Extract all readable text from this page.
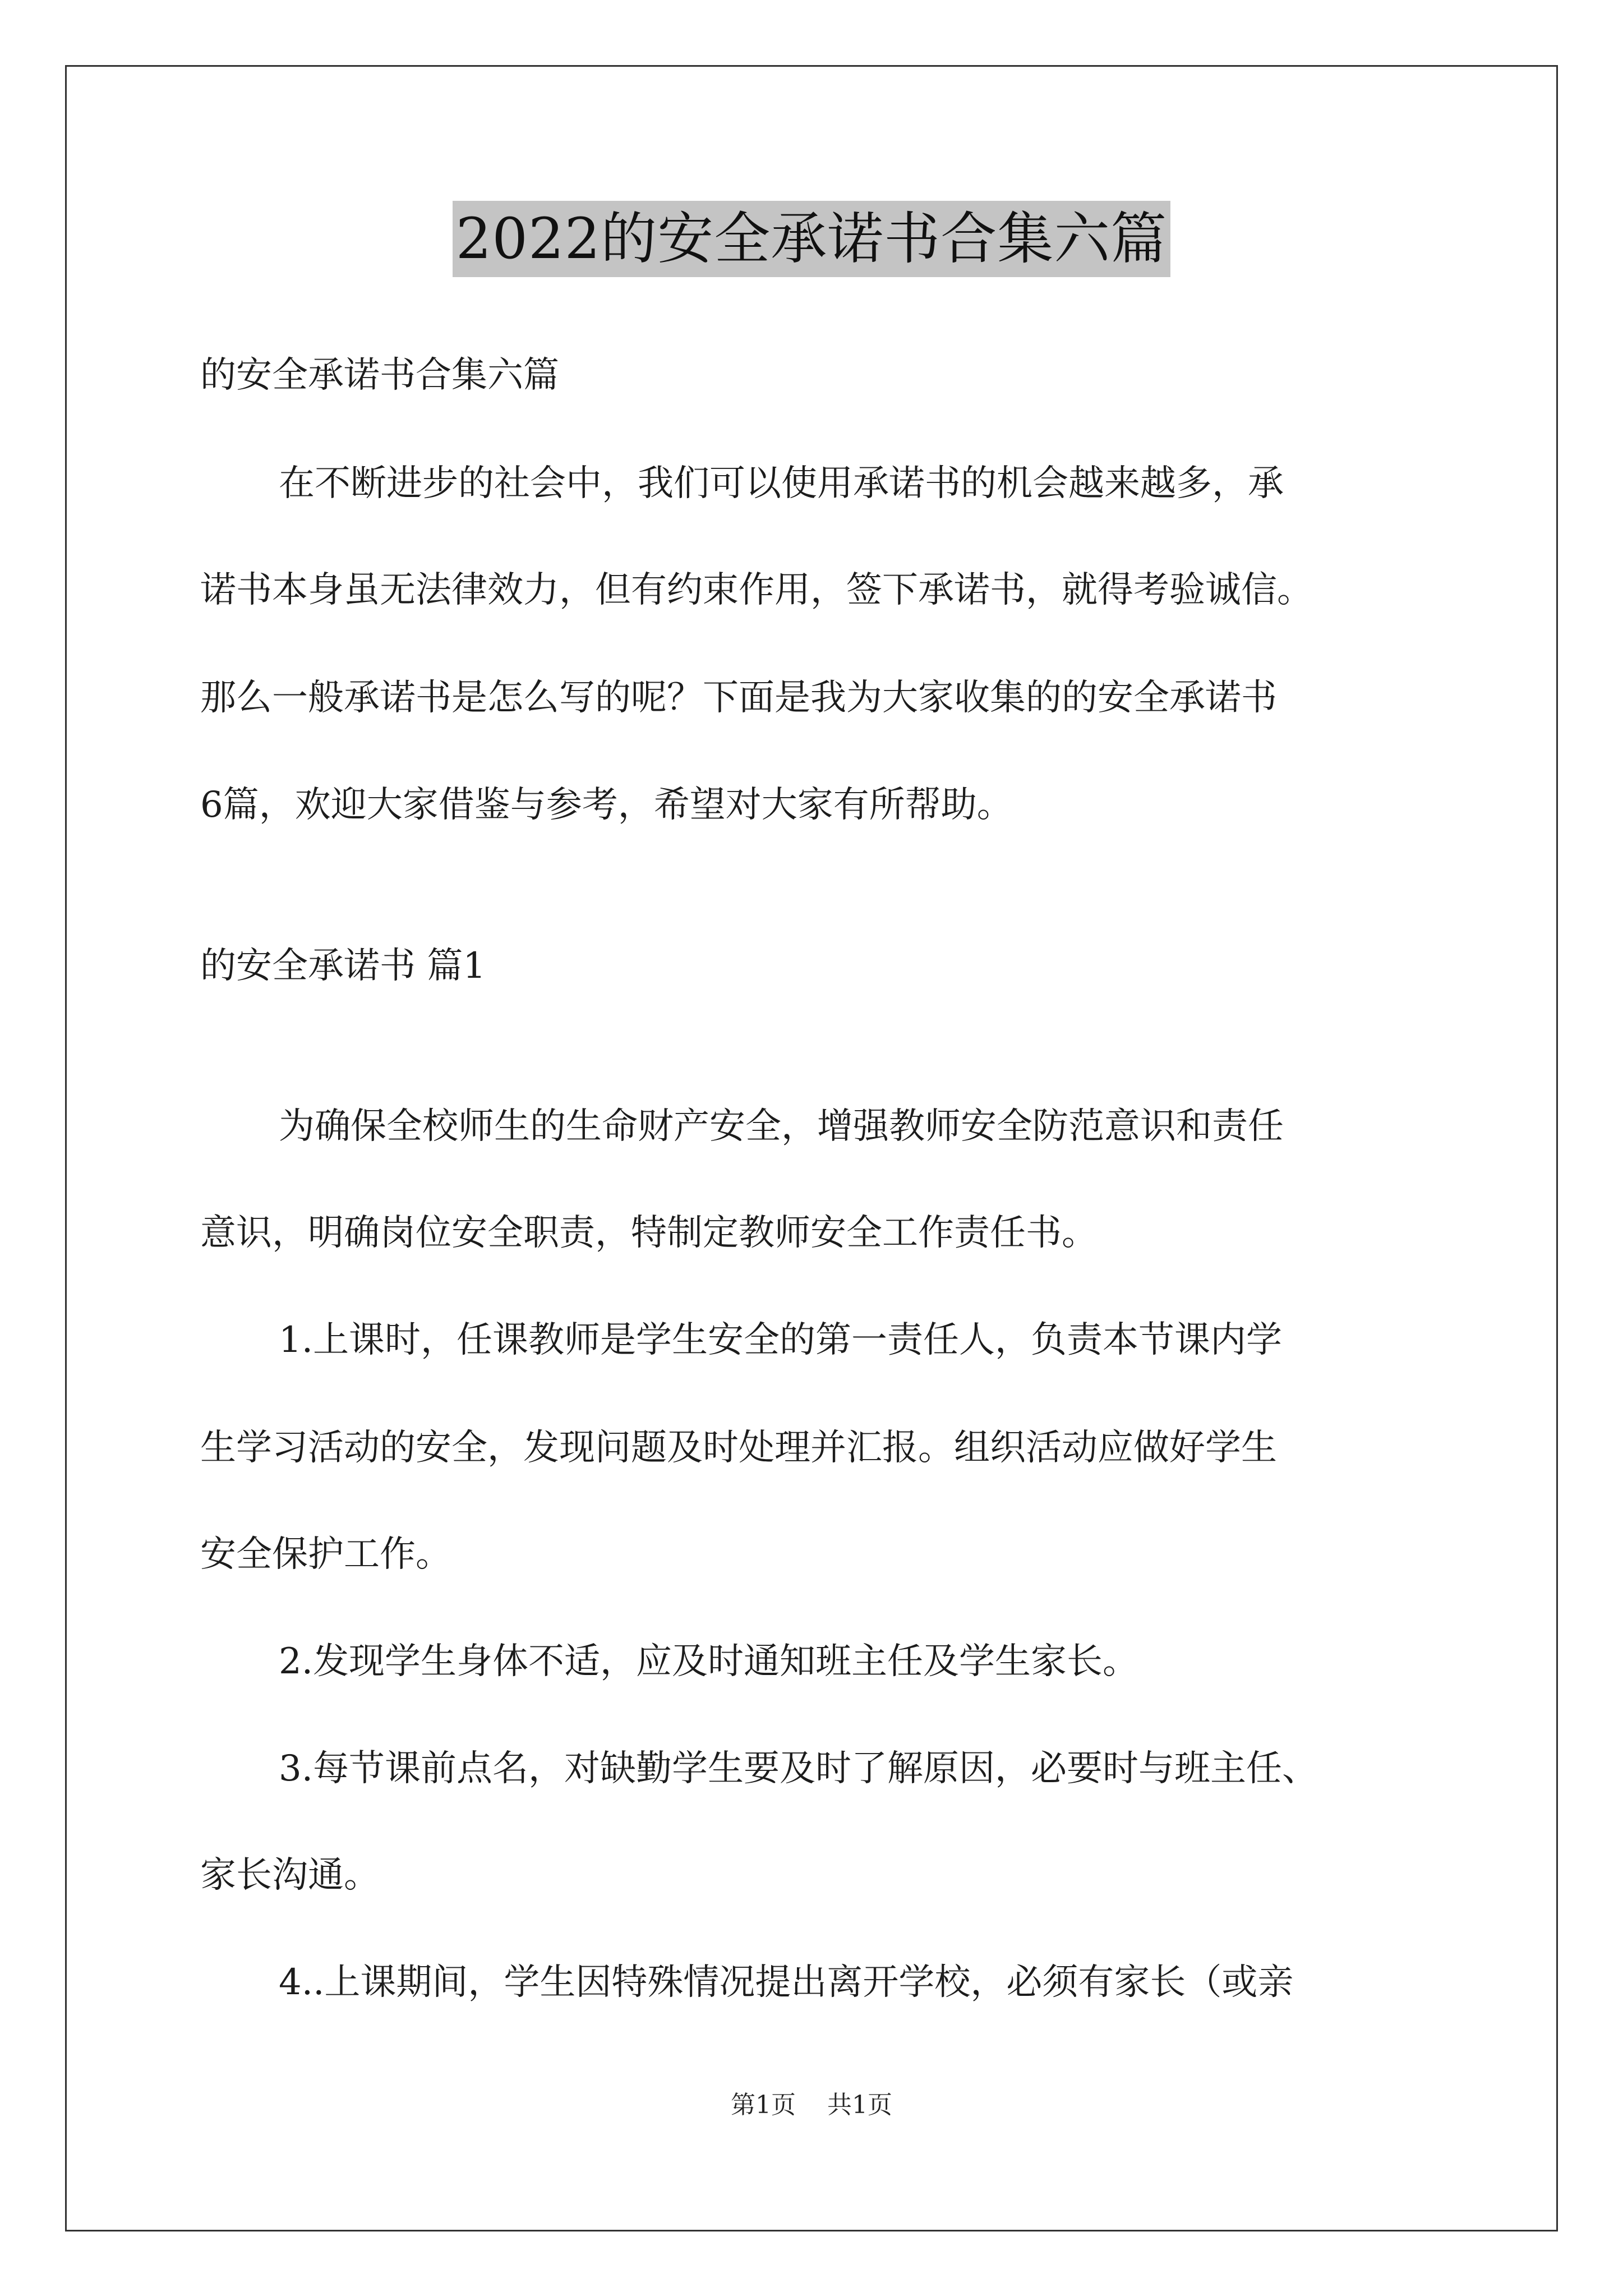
2022的安全承诺书合集六篇
的安全承诺书合集六篇
在不断进步的社会中，我们可以使用承诺书的机会越来越多，承
诺书本身虽无法律效力，但有约束作用，签下承诺书，就得考验诚信。
那么一般承诺书是怎么写的呢？下面是我为大家收集的的安全承诺书
6篇，欢迎大家借鉴与参考，希望对大家有所帮助。
的安全承诺书 篇1
为确保全校师生的生命财产安全，增强教师安全防范意识和责任
意识，明确岗位安全职责，特制定教师安全工作责任书。
1.上课时，任课教师是学生安全的第一责任人，负责本节课内学
生学习活动的安全，发现问题及时处理并汇报。组织活动应做好学生
安全保护工作。
2.发现学生身体不适，应及时通知班主任及学生家长。
3.每节课前点名，对缺勤学生要及时了解原因，必要时与班主任、
家长沟通。
4..上课期间，学生因特殊情况提出离开学校，必须有家长（或亲
第1页 共1页
